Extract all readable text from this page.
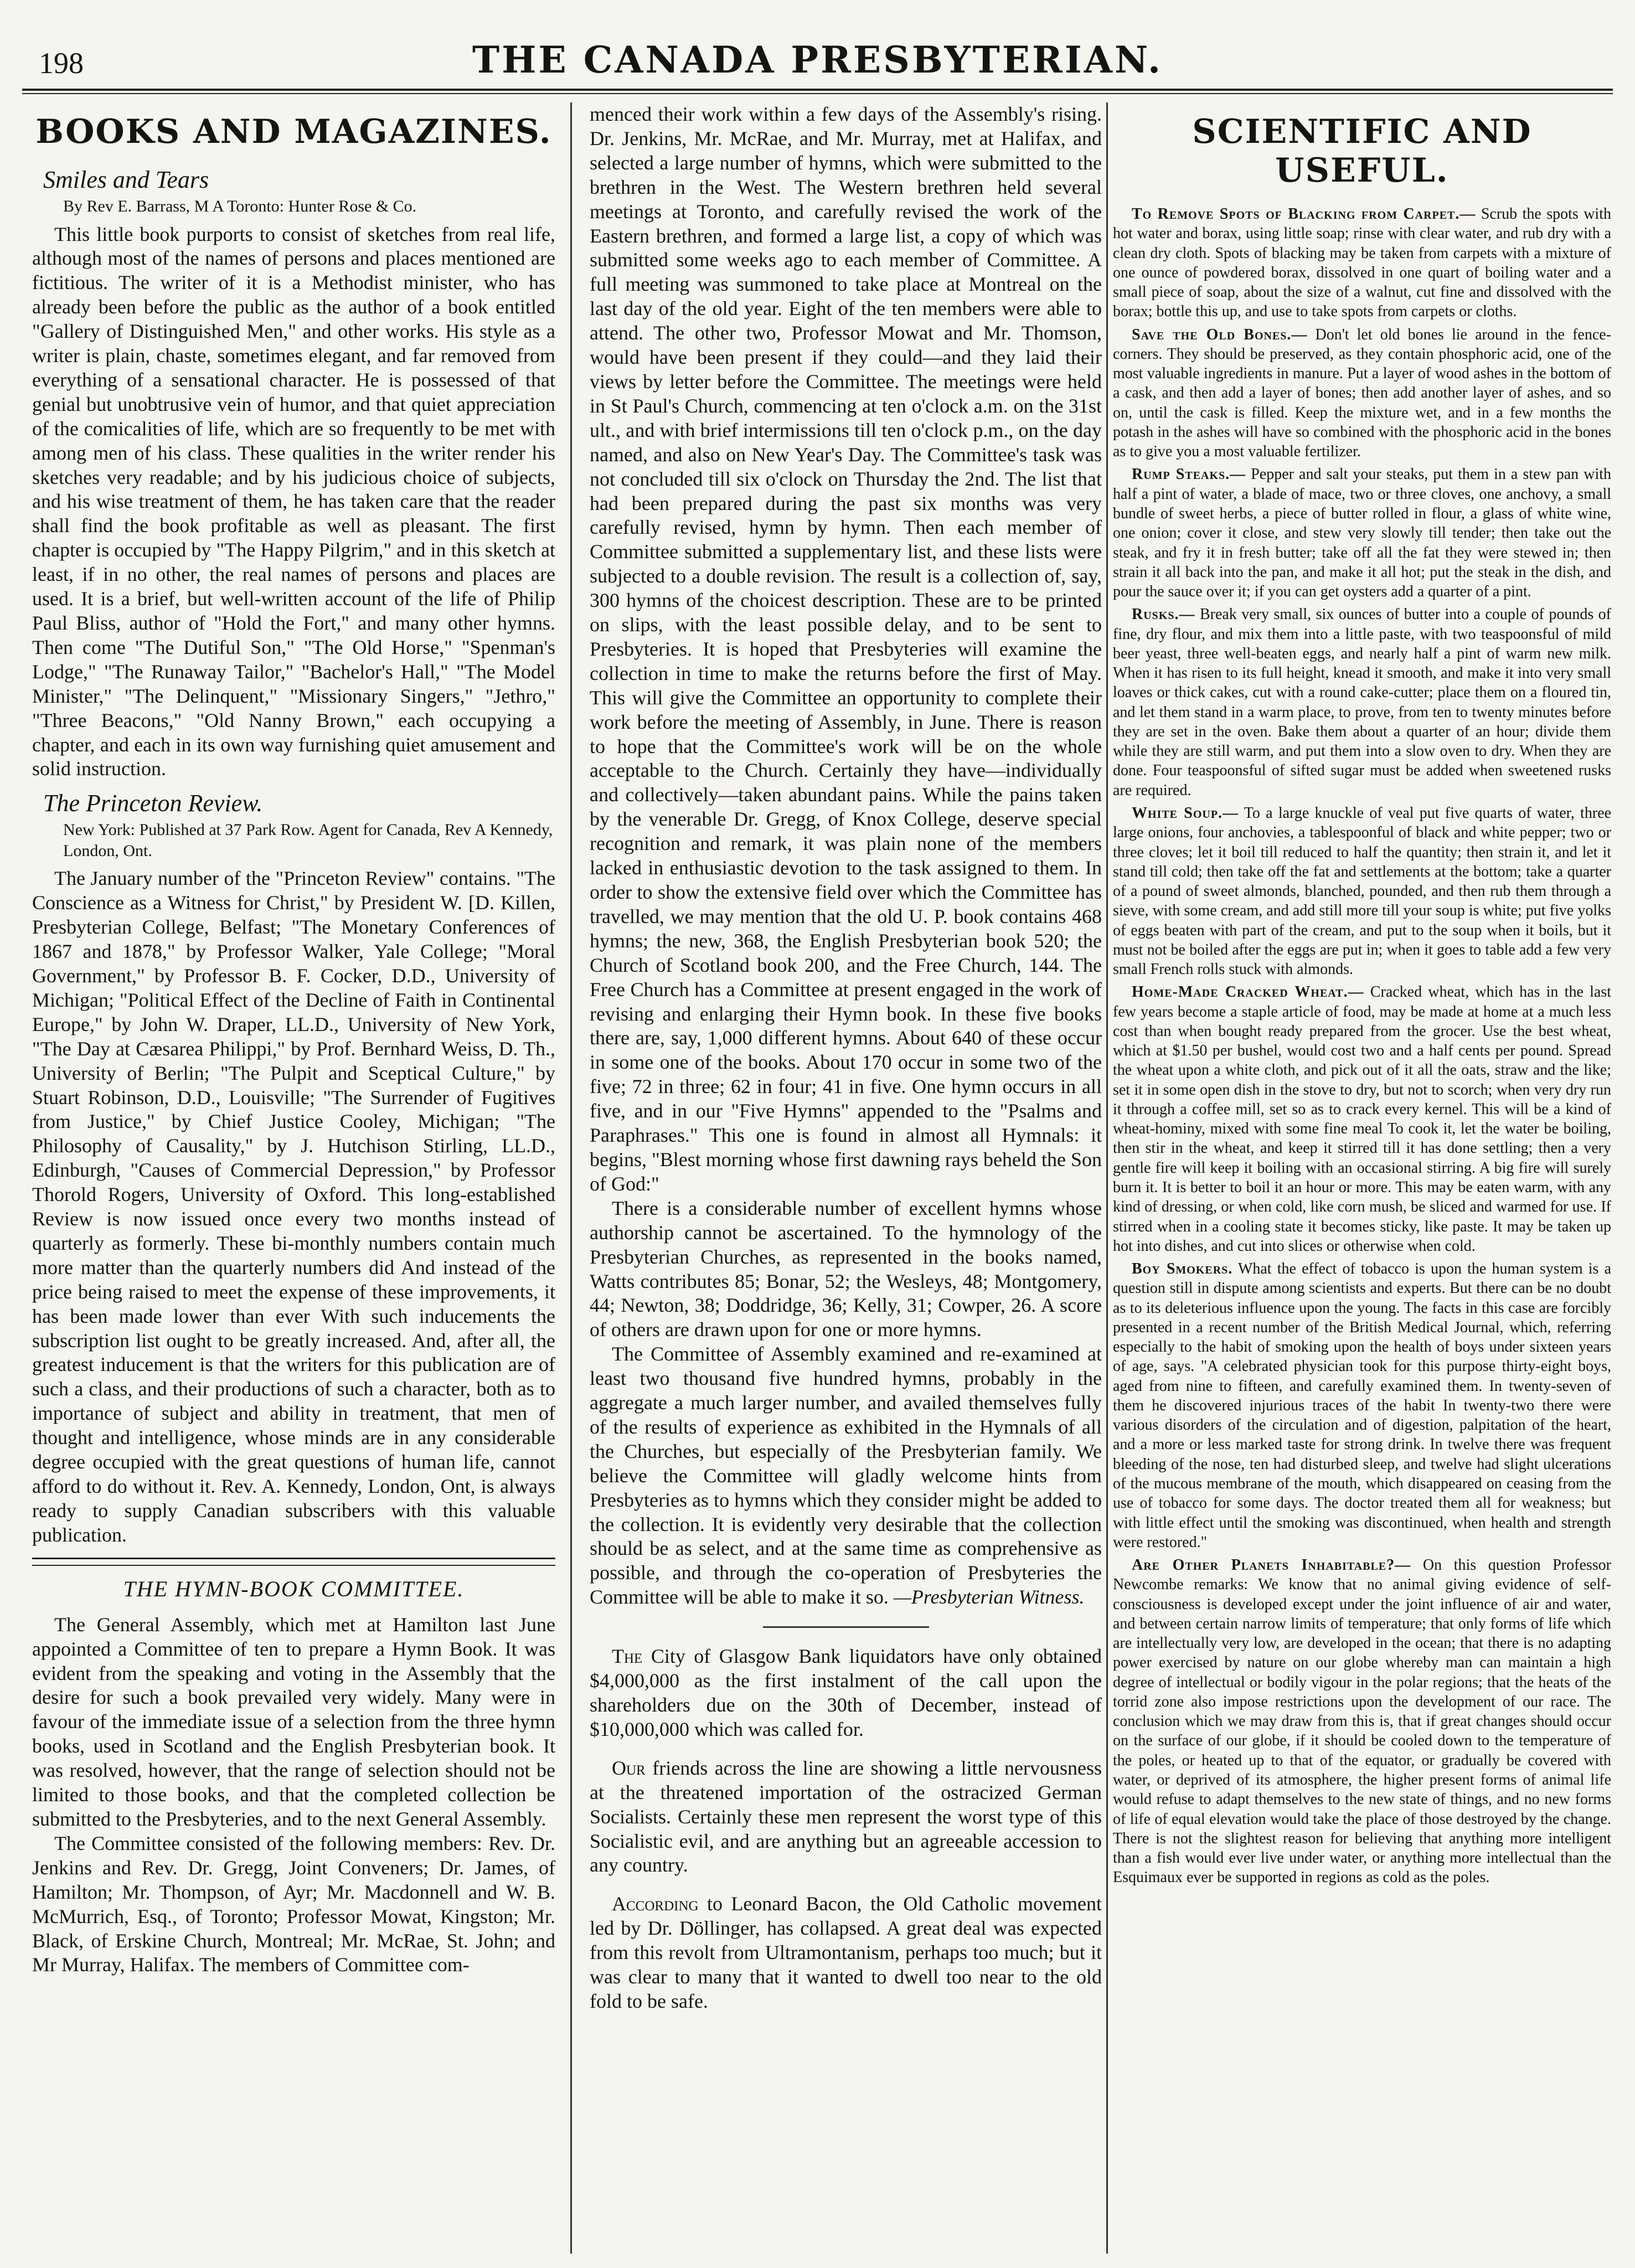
198	THE CANADA PRESBYTERIAN.
BOOKS AND MAGAZINES.
Smiles and Tears
By Rev E. Barrass, M A Toronto: Hunter Rose & Co.

This little book purports to consist of sketches from real life, although most of the names of persons and places mentioned are fictitious. The writer of it is a Methodist minister, who has already been before the public as the author of a book entitled "Gallery of Distinguished Men," and other works. His style as a writer is plain, chaste, sometimes elegant, and far removed from everything of a sensational character. He is possessed of that genial but unobtrusive vein of humor, and that quiet appreciation of the comicalities of life, which are so frequently to be met with among men of his class. These qualities in the writer render his sketches very readable; and by his judicious choice of subjects, and his wise treatment of them, he has taken care that the reader shall find the book profitable as well as pleasant. The first chapter is occupied by "The Happy Pilgrim," and in this sketch at least, if in no other, the real names of persons and places are used. It is a brief, but well-written account of the life of Philip Paul Bliss, author of "Hold the Fort," and many other hymns. Then come "The Dutiful Son," "The Old Horse," "Spenman's Lodge," "The Runaway Tailor," "Bachelor's Hall," "The Model Minister," "The Delinquent," "Missionary Singers," "Jethro," "Three Beacons," "Old Nanny Brown," each occupying a chapter, and each in its own way furnishing quiet amusement and solid instruction.

The Princeton Review.
New York: Published at 37 Park Row. Agent for Canada, Rev A Kennedy, London, Ont.

The January number of the "Princeton Review" contains. "The Conscience as a Witness for Christ," by President W. [D. Killen, Presbyterian College, Belfast; "The Monetary Conferences of 1867 and 1878," by Professor Walker, Yale College; "Moral Government," by Professor B. F. Cocker, D.D., University of Michigan; "Political Effect of the Decline of Faith in Continental Europe," by John W. Draper, LL.D., University of New York, "The Day at Cæsarea Philippi," by Prof. Bernhard Weiss, D. Th., University of Berlin; "The Pulpit and Sceptical Culture," by Stuart Robinson, D.D., Louisville; "The Surrender of Fugitives from Justice," by Chief Justice Cooley, Michigan; "The Philosophy of Causality," by J. Hutchison Stirling, LL.D., Edinburgh, "Causes of Commercial Depression," by Professor Thorold Rogers, University of Oxford. This long-established Review is now issued once every two months instead of quarterly as formerly. These bi-monthly numbers contain much more matter than the quarterly numbers did And instead of the price being raised to meet the expense of these improvements, it has been made lower than ever With such inducements the subscription list ought to be greatly increased. And, after all, the greatest inducement is that the writers for this publication are of such a class, and their productions of such a character, both as to importance of subject and ability in treatment, that men of thought and intelligence, whose minds are in any considerable degree occupied with the great questions of human life, cannot afford to do without it. Rev. A. Kennedy, London, Ont, is always ready to supply Canadian subscribers with this valuable publication.

THE HYMN-BOOK COMMITTEE.

The General Assembly, which met at Hamilton last June appointed a Committee of ten to prepare a Hymn Book. It was evident from the speaking and voting in the Assembly that the desire for such a book prevailed very widely. Many were in favour of the immediate issue of a selection from the three hymn books, used in Scotland and the English Presbyterian book. It was resolved, however, that the range of selection should not be limited to those books, and that the completed collection be submitted to the Presbyteries, and to the next General Assembly.

The Committee consisted of the following members: Rev. Dr. Jenkins and Rev. Dr. Gregg, Joint Conveners; Dr. James, of Hamilton; Mr. Thompson, of Ayr; Mr. Macdonnell and W. B. McMurrich, Esq., of Toronto; Professor Mowat, Kingston; Mr. Black, of Erskine Church, Montreal; Mr. McRae, St. John; and Mr Murray, Halifax. The members of Committee com-

menced their work within a few days of the Assembly's rising. Dr. Jenkins, Mr. McRae, and Mr. Murray, met at Halifax, and selected a large number of hymns, which were submitted to the brethren in the West. The Western brethren held several meetings at Toronto, and carefully revised the work of the Eastern brethren, and formed a large list, a copy of which was submitted some weeks ago to each member of Committee. A full meeting was summoned to take place at Montreal on the last day of the old year. Eight of the ten members were able to attend. The other two, Professor Mowat and Mr. Thomson, would have been present if they could—and they laid their views by letter before the Committee. The meetings were held in St Paul's Church, commencing at ten o'clock a.m. on the 31st ult., and with brief intermissions till ten o'clock p.m., on the day named, and also on New Year's Day. The Committee's task was not concluded till six o'clock on Thursday the 2nd. The list that had been prepared during the past six months was very carefully revised, hymn by hymn. Then each member of Committee submitted a supplementary list, and these lists were subjected to a double revision. The result is a collection of, say, 300 hymns of the choicest description. These are to be printed on slips, with the least possible delay, and to be sent to Presbyteries. It is hoped that Presbyteries will examine the collection in time to make the returns before the first of May. This will give the Committee an opportunity to complete their work before the meeting of Assembly, in June. There is reason to hope that the Committee's work will be on the whole acceptable to the Church. Certainly they have—individually and collectively—taken abundant pains. While the pains taken by the venerable Dr. Gregg, of Knox College, deserve special recognition and remark, it was plain none of the members lacked in enthusiastic devotion to the task assigned to them. In order to show the extensive field over which the Committee has travelled, we may mention that the old U. P. book contains 468 hymns; the new, 368, the English Presbyterian book 520; the Church of Scotland book 200, and the Free Church, 144. The Free Church has a Committee at present engaged in the work of revising and enlarging their Hymn book. In these five books there are, say, 1,000 different hymns. About 640 of these occur in some one of the books. About 170 occur in some two of the five; 72 in three; 62 in four; 41 in five. One hymn occurs in all five, and in our "Five Hymns" appended to the "Psalms and Paraphrases." This one is found in almost all Hymnals: it begins, "Blest morning whose first dawning rays beheld the Son of God:"

There is a considerable number of excellent hymns whose authorship cannot be ascertained. To the hymnology of the Presbyterian Churches, as represented in the books named, Watts contributes 85; Bonar, 52; the Wesleys, 48; Montgomery, 44; Newton, 38; Doddridge, 36; Kelly, 31; Cowper, 26. A score of others are drawn upon for one or more hymns.

The Committee of Assembly examined and re-examined at least two thousand five hundred hymns, probably in the aggregate a much larger number, and availed themselves fully of the results of experience as exhibited in the Hymnals of all the Churches, but especially of the Presbyterian family. We believe the Committee will gladly welcome hints from Presbyteries as to hymns which they consider might be added to the collection. It is evidently very desirable that the collection should be as select, and at the same time as comprehensive as possible, and through the co-operation of Presbyteries the Committee will be able to make it so. —Presbyterian Witness.

The City of Glasgow Bank liquidators have only obtained $4,000,000 as the first instalment of the call upon the shareholders due on the 30th of December, instead of $10,000,000 which was called for.

Our friends across the line are showing a little nervousness at the threatened importation of the ostracized German Socialists. Certainly these men represent the worst type of this Socialistic evil, and are anything but an agreeable accession to any country.

According to Leonard Bacon, the Old Catholic movement led by Dr. Döllinger, has collapsed. A great deal was expected from this revolt from Ultramontanism, perhaps too much; but it was clear to many that it wanted to dwell too near to the old fold to be safe.

SCIENTIFIC AND USEFUL.

To Remove Spots of Blacking from Carpet.— Scrub the spots with hot water and borax, using little soap; rinse with clear water, and rub dry with a clean dry cloth. Spots of blacking may be taken from carpets with a mixture of one ounce of powdered borax, dissolved in one quart of boiling water and a small piece of soap, about the size of a walnut, cut fine and dissolved with the borax; bottle this up, and use to take spots from carpets or cloths.

Save the Old Bones.— Don't let old bones lie around in the fence-corners. They should be preserved, as they contain phosphoric acid, one of the most valuable ingredients in manure. Put a layer of wood ashes in the bottom of a cask, and then add a layer of bones; then add another layer of ashes, and so on, until the cask is filled. Keep the mixture wet, and in a few months the potash in the ashes will have so combined with the phosphoric acid in the bones as to give you a most valuable fertilizer.

Rump Steaks.— Pepper and salt your steaks, put them in a stew pan with half a pint of water, a blade of mace, two or three cloves, one anchovy, a small bundle of sweet herbs, a piece of butter rolled in flour, a glass of white wine, one onion; cover it close, and stew very slowly till tender; then take out the steak, and fry it in fresh butter; take off all the fat they were stewed in; then strain it all back into the pan, and make it all hot; put the steak in the dish, and pour the sauce over it; if you can get oysters add a quarter of a pint.

Rusks.— Break very small, six ounces of butter into a couple of pounds of fine, dry flour, and mix them into a little paste, with two teaspoonsful of mild beer yeast, three well-beaten eggs, and nearly half a pint of warm new milk. When it has risen to its full height, knead it smooth, and make it into very small loaves or thick cakes, cut with a round cake-cutter; place them on a floured tin, and let them stand in a warm place, to prove, from ten to twenty minutes before they are set in the oven. Bake them about a quarter of an hour; divide them while they are still warm, and put them into a slow oven to dry. When they are done. Four teaspoonsful of sifted sugar must be added when sweetened rusks are required.

White Soup.— To a large knuckle of veal put five quarts of water, three large onions, four anchovies, a tablespoonful of black and white pepper; two or three cloves; let it boil till reduced to half the quantity; then strain it, and let it stand till cold; then take off the fat and settlements at the bottom; take a quarter of a pound of sweet almonds, blanched, pounded, and then rub them through a sieve, with some cream, and add still more till your soup is white; put five yolks of eggs beaten with part of the cream, and put to the soup when it boils, but it must not be boiled after the eggs are put in; when it goes to table add a few very small French rolls stuck with almonds.

Home-Made Cracked Wheat.— Cracked wheat, which has in the last few years become a staple article of food, may be made at home at a much less cost than when bought ready prepared from the grocer. Use the best wheat, which at $1.50 per bushel, would cost two and a half cents per pound. Spread the wheat upon a white cloth, and pick out of it all the oats, straw and the like; set it in some open dish in the stove to dry, but not to scorch; when very dry run it through a coffee mill, set so as to crack every kernel. This will be a kind of wheat-hominy, mixed with some fine meal To cook it, let the water be boiling, then stir in the wheat, and keep it stirred till it has done settling; then a very gentle fire will keep it boiling with an occasional stirring. A big fire will surely burn it. It is better to boil it an hour or more. This may be eaten warm, with any kind of dressing, or when cold, like corn mush, be sliced and warmed for use. If stirred when in a cooling state it becomes sticky, like paste. It may be taken up hot into dishes, and cut into slices or otherwise when cold.

Boy Smokers. What the effect of tobacco is upon the human system is a question still in dispute among scientists and experts. But there can be no doubt as to its deleterious influence upon the young. The facts in this case are forcibly presented in a recent number of the British Medical Journal, which, referring especially to the habit of smoking upon the health of boys under sixteen years of age, says. "A celebrated physician took for this purpose thirty-eight boys, aged from nine to fifteen, and carefully examined them. In twenty-seven of them he discovered injurious traces of the habit In twenty-two there were various disorders of the circulation and of digestion, palpitation of the heart, and a more or less marked taste for strong drink. In twelve there was frequent bleeding of the nose, ten had disturbed sleep, and twelve had slight ulcerations of the mucous membrane of the mouth, which disappeared on ceasing from the use of tobacco for some days. The doctor treated them all for weakness; but with little effect until the smoking was discontinued, when health and strength were restored."

Are Other Planets Inhabitable?— On this question Professor Newcombe remarks: We know that no animal giving evidence of self-consciousness is developed except under the joint influence of air and water, and between certain narrow limits of temperature; that only forms of life which are intellectually very low, are developed in the ocean; that there is no adapting power exercised by nature on our globe whereby man can maintain a high degree of intellectual or bodily vigour in the polar regions; that the heats of the torrid zone also impose restrictions upon the development of our race. The conclusion which we may draw from this is, that if great changes should occur on the surface of our globe, if it should be cooled down to the temperature of the poles, or heated up to that of the equator, or gradually be covered with water, or deprived of its atmosphere, the higher present forms of animal life would refuse to adapt themselves to the new state of things, and no new forms of life of equal elevation would take the place of those destroyed by the change. There is not the slightest reason for believing that anything more intelligent than a fish would ever live under water, or anything more intellectual than the Esquimaux ever be supported in regions as cold as the poles.
